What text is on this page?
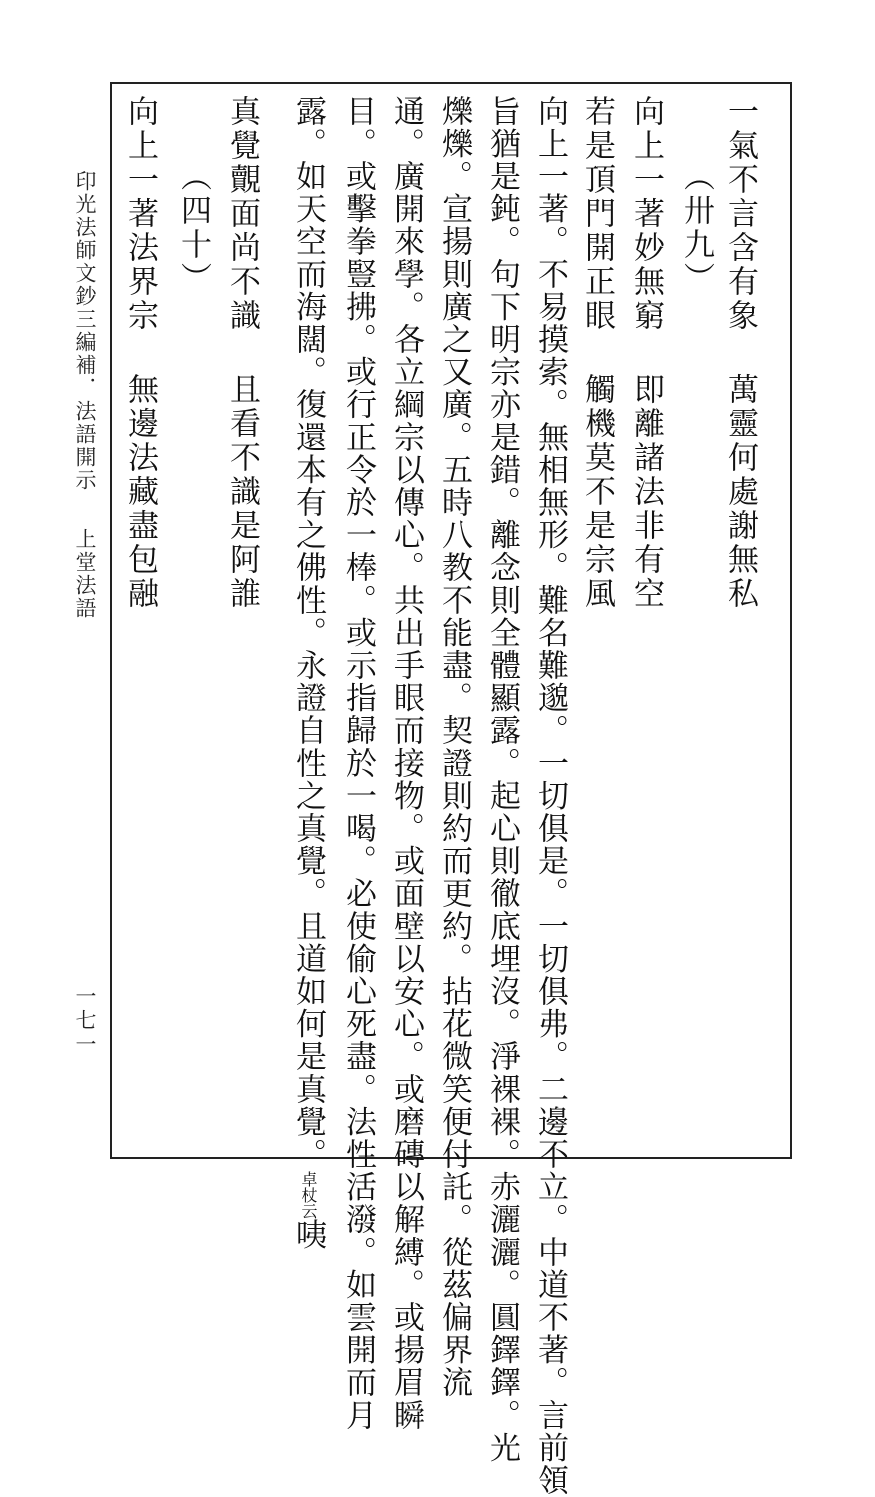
印光法師文鈔三編補．法語開示
上堂法語
一七一
一氣不言含有象萬靈何處謝無私
（卅九）
向上一著妙無窮即離諸法非有空
若是頂門開正眼觸機莫不是宗風
向上一著。不易摸索。無相無形。難名難邈。一切俱是。一切俱弗。二邊不立。中道不著。言前領
旨猶是鈍。句下明宗亦是錯。離念則全體顯露。起心則徹底埋沒。淨裸裸。赤灑灑。圓鐸鐸。光
爍爍。宣揚則廣之又廣。五時八教不能盡。契證則約而更約。拈花微笑便付託。從茲偏界流
通。廣開來學。各立綱宗以傳心。共出手眼而接物。或面壁以安心。或磨磚以解縛。或揚眉瞬
目。或擊拳豎拂。或行正令於一棒。或示指歸於一喝。必使偷心死盡。法性活潑。如雲開而月
露。如天空而海闊。復還本有之佛性。永證自性之真覺。且道如何是真覺。卓杖云咦
真覺覿面尚不識且看不識是阿誰
（四十）
向上一著法界宗無邊法藏盡包融
